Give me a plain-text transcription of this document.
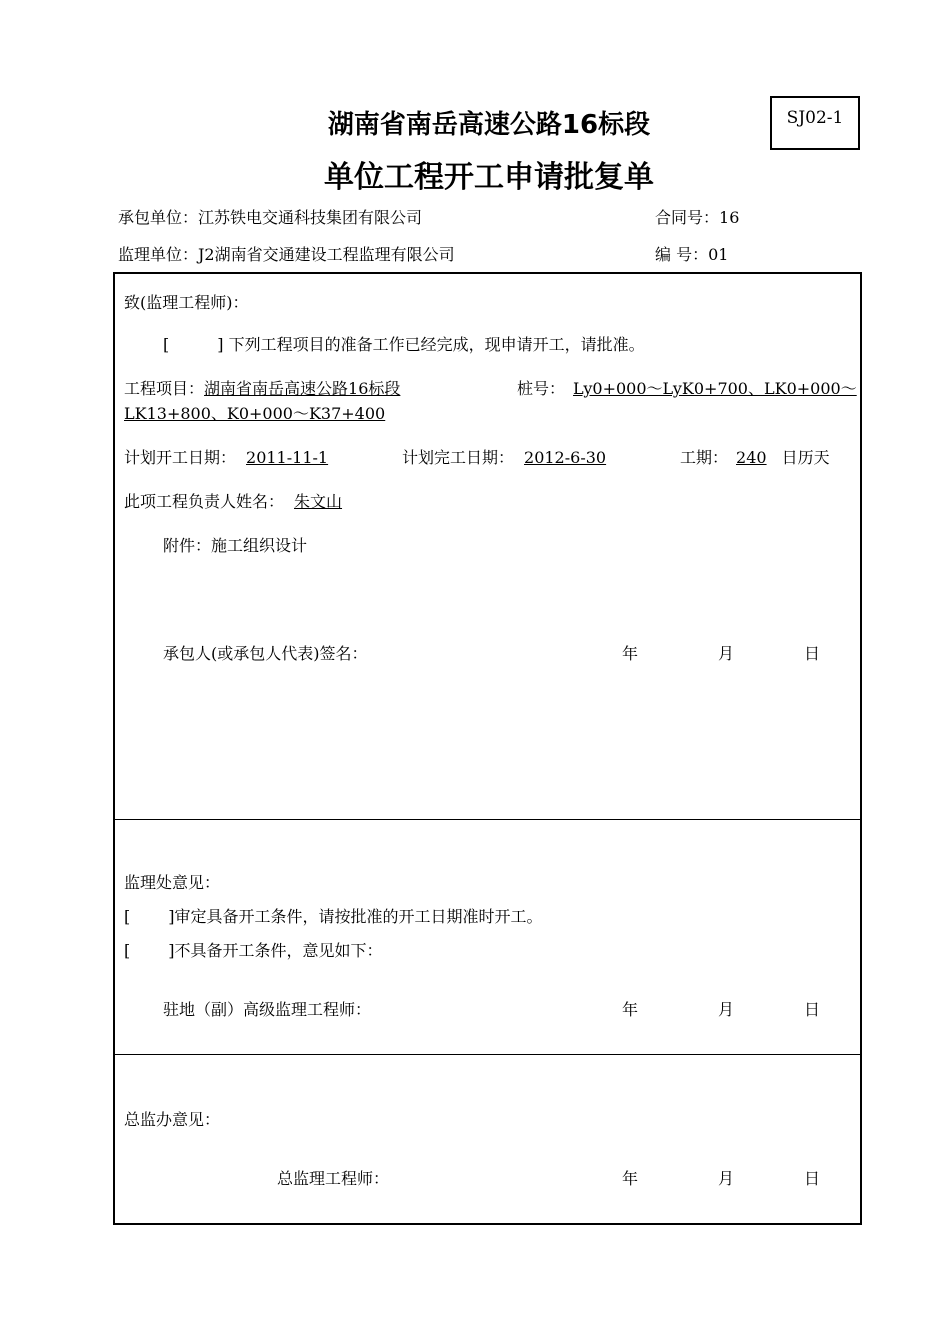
湖南省南岳高速公路16标段
单位工程开工申请批复单
SJ02-1
承包单位：江苏铁电交通科技集团有限公司	合同号：16
监理单位：J2湖南省交通建设工程监理有限公司	编 号：01
致(监理工程师)：
[	] 下列工程项目的准备工作已经完成，现申请开工，请批准。
工程项目：湖南省南岳高速公路16标段	桩号： Ly0+000～LyK0+700、LK0+000～
LK13+800、K0+000～K37+400
计划开工日期： 2011-11-1	计划完工日期： 2012-6-30	工期： 240 日历天
此项工程负责人姓名： 朱文山
附件：施工组织设计
承包人(或承包人代表)签名：	年	月	日
监理处意见：
[ ]审定具备开工条件，请按批准的开工日期准时开工。
[ ]不具备开工条件，意见如下：
驻地（副）高级监理工程师：	年	月	日
总监办意见：
总监理工程师：	年	月	日
